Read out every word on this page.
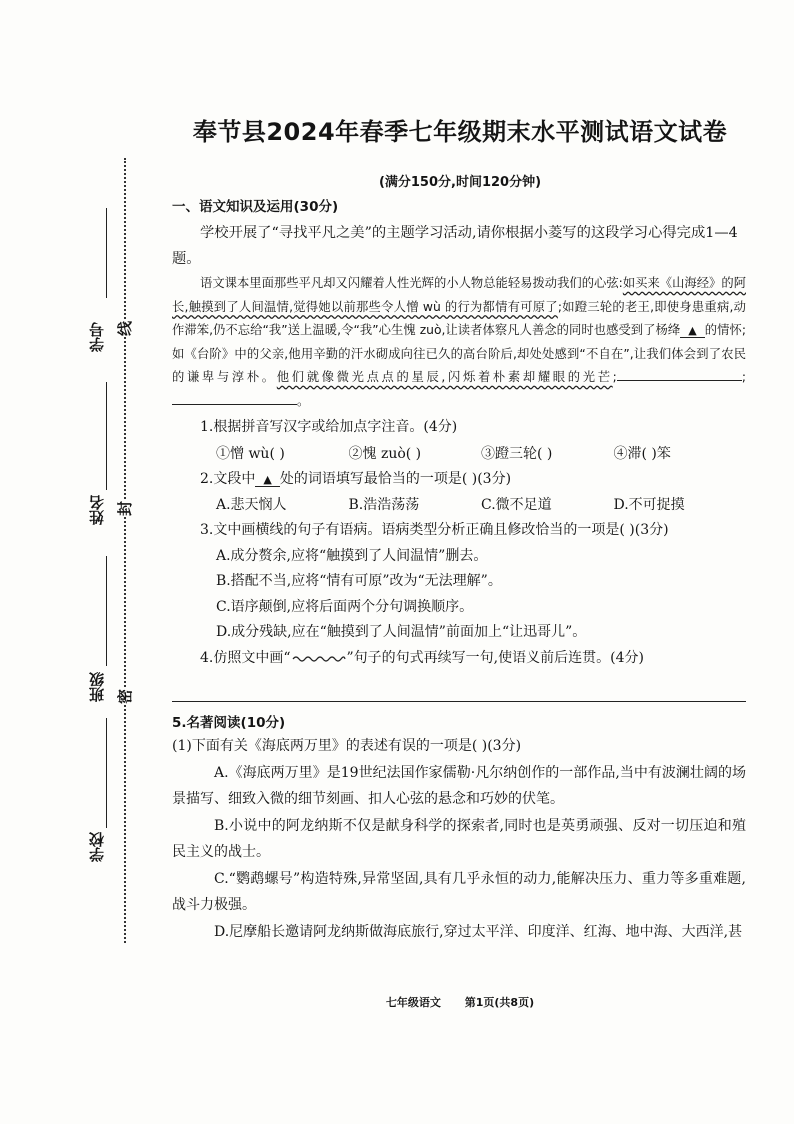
学号
姓名
班级
学校
线
封
密
奉节县2024年春季七年级期末水平测试语文试卷
(满分150分,时间120分钟)

一、语文知识及运用(30分)

学校开展了“寻找平凡之美”的主题学习活动,请你根据小菱写的这段学习心得完成1—4题。

语文课本里面那些平凡却又闪耀着人性光辉的小人物总能轻易拨动我们的心弦:如买来《山海经》的阿长,触摸到了人间温情,觉得她以前那些令人憎 wù 的行为都情有可原了;如蹬三轮的老王,即使身患重病,动作滞笨,仍不忘给“我”送上温暖,令“我”心生愧 zuò,让读者体察凡人善念的同时也感受到了杨绛 ▲ 的情怀;如《台阶》中的父亲,他用辛勤的汗水砌成向往已久的高台阶后,却处处感到“不自在”,让我们体会到了农民的谦卑与淳朴。他们就像微光点点的星辰,闪烁着朴素却耀眼的光芒;	;。

1.根据拼音写汉字或给加点字注音。(4分)

①憎 wù( )	②愧 zuò( )	③蹬三轮( )	④滞( )笨

2.文段中 ▲ 处的词语填写最恰当的一项是( )(3分)

A.悲天悯人	B.浩浩荡荡	C.微不足道	D.不可捉摸

3.文中画横线的句子有语病。语病类型分析正确且修改恰当的一项是( )(3分)

A.成分赘余,应将“触摸到了人间温情”删去。

B.搭配不当,应将“情有可原”改为“无法理解”。

C.语序颠倒,应将后面两个分句调换顺序。

D.成分残缺,应在“触摸到了人间温情”前面加上“让迅哥儿”。

4.仿照文中画“	”句子的句式再续写一句,使语义前后连贯。(4分)

5.名著阅读(10分)

(1)下面有关《海底两万里》的表述有误的一项是( )(3分)

A.《海底两万里》是19世纪法国作家儒勒·凡尔纳创作的一部作品,当中有波澜壮阔的场景描写、细致入微的细节刻画、扣人心弦的悬念和巧妙的伏笔。

B.小说中的阿龙纳斯不仅是献身科学的探索者,同时也是英勇顽强、反对一切压迫和殖民主义的战士。

C.“鹦鹉螺号”构造特殊,异常坚固,具有几乎永恒的动力,能解决压力、重力等多重难题,战斗力极强。

D.尼摩船长邀请阿龙纳斯做海底旅行,穿过太平洋、印度洋、红海、地中海、大西洋,甚

七年级语文 第1页(共8页)
